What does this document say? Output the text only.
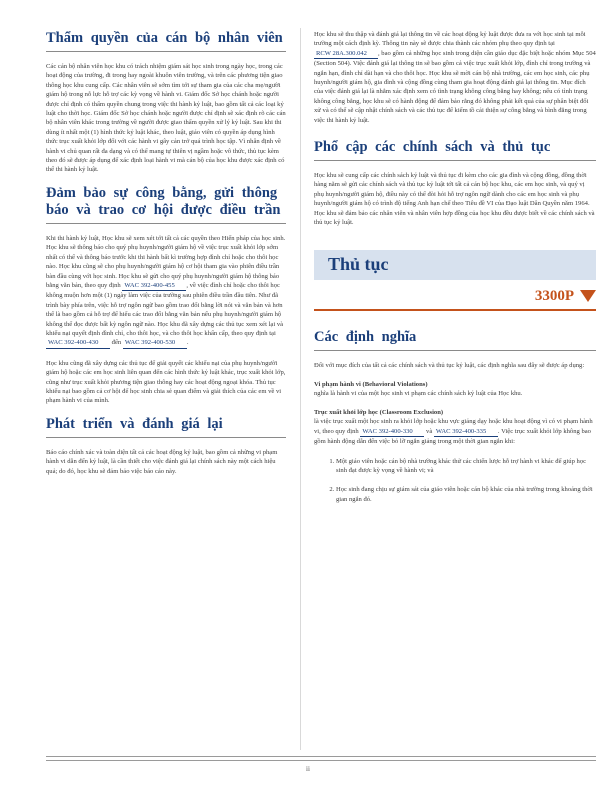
Thẩm quyền của cán bộ nhân viên

Các cán bộ nhân viên học khu có trách nhiệm giám sát học sinh trong ngày học, trong các hoạt động của trường, đi trong hay ngoài khuôn viên trường, và trên các phương tiện giao thông học khu cung cấp. Các nhân viên sẽ sớm tìm tới sự tham gia của các cha mẹ/người giám hộ trong nỗ lực hỗ trợ các kỳ vọng về hành vi. Giám đốc Sở học chánh hoặc người được chỉ định có thẩm quyền chung trong việc thi hành kỷ luật, bao gồm tất cả các loại kỷ luật cho thời học. Giám đốc Sở học chánh hoặc người được chỉ định sẽ xác định rõ các cán bộ nhân viên khác trong trường về người được giao thẩm quyền xử lý kỷ luật. Sau khi thi dùng ít nhất một (1) hình thức kỷ luật khác, theo luật, giáo viên có quyền áp dụng hình thức trục xuất khỏi lớp đối với các hành vi gây cản trở quá trình học tập. Vì nhân định về hành vi chủ quan rất đa dạng và có thể mang tự thiên vị ngầm hoặc vô thức, thủ tục kèm theo đó sẽ được áp dụng để xác định loại hành vi mà cán bộ của học khu được xác định có thể thi hành kỷ luật.

Đảm bảo sự công bằng, gửi thông báo và trao cơ hội được điều trần

Khi thi hành kỷ luật, Học khu sẽ xem xét tới tất cả các quyền theo Hiến pháp của học sinh. Học khu sẽ thông báo cho quý phụ huynh/người giám hộ về việc trục xuất khỏi lớp sớm nhất có thể và thông báo trước khi thi hành bất kì trường hợp đình chỉ hoặc cho thôi học nào. Học khu cũng sẽ cho phụ huynh/người giám hộ cơ hội tham gia vào phiên điều trần bàn đầu cùng với học sinh. Học khu sẽ gửi cho quý phụ huynh/người giám hộ thông báo bằng văn bản, theo quy định WAC 392-400-455 , về việc đình chỉ hoặc cho thôi học không muộn hơn một (1) ngày làm việc của trường sau phiên điều trần đầu tiên. Như đã trình bày phía trên, việc hỗ trợ ngôn ngữ bao gồm trao đổi bằng lời nói và văn bản và hơn thế là bao gồm cả hỗ trợ để hiểu các trao đổi bằng văn bản nếu phụ huynh/người giám hộ không thể đọc được bất kỳ ngôn ngữ nào. Học khu đã xây dựng các thủ tục xem xét lại và khiếu nại quyết định đình chỉ, cho thôi học, và cho thôi học khẩn cấp, theo quy định tại WAC 392-400-430 đến WAC 392-400-530 .

Học khu cũng đã xây dựng các thủ tục để giải quyết các khiếu nại của phụ huynh/người giám hộ hoặc các em học sinh liên quan đến các hình thức kỷ luật khác, trục xuất khỏi lớp, cũng như trục xuất khỏi phương tiện giao thông hay các hoạt động ngoại khóa. Thủ tục khiếu nại bao gồm cả cơ hội để học sinh chia sẻ quan điểm và giải thích của các em về vi phạm hành vi của mình.

Phát triển và đánh giá lại

Báo cáo chính xác và toàn diện tất cả các hoạt động kỷ luật, bao gồm cả những vi phạm hành vi dẫn đến kỷ luật, là cần thiết cho việc đánh giá lại chính sách này một cách hiệu quả; do đó, học khu sẽ đảm bảo việc báo cáo này.

Học khu sẽ thu thập và đánh giá lại thông tin về các hoạt động kỷ luật được đưa ra với học sinh tại mỗi trường một cách định kỳ. Thông tin này sẽ được chia thành các nhóm phụ theo quy định tại RCW 28A.300.042 , bao gồm cả những học sinh trong diện cần giáo dục đặc biệt hoặc nhóm Mục 504 (Section 504). Việc đánh giá lại thông tin sẽ bao gồm cả việc trục xuất khỏi lớp, đình chỉ trong trường và ngắn hạn, đình chỉ dài hạn và cho thôi học. Học khu sẽ mời cán bộ nhà trường, các em học sinh, các phụ huynh/người giám hộ, gia đình và cộng đồng cùng tham gia hoạt động đánh giá lại thông tin. Mục đích của việc đánh giá lại là nhằm xác định xem có tình trạng không công bằng hay không; nếu có tình trạng không công bằng, học khu sẽ có hành động để đảm bảo rằng đó không phải kết quả của sự phân biệt đối xử và có thể sẽ cập nhật chính sách và các thủ tục để kiểm tồ cải thiện sự công bằng và bình đẳng trong việc thi hành kỷ luật.

Phổ cập các chính sách và thủ tục

Học khu sẽ cung cấp các chính sách kỷ luật và thủ tục đi kèm cho các gia đình và cộng đồng, đồng thời hàng năm sẽ gửi các chính sách và thủ tục kỷ luật tới tất cả cán bộ học khu, các em học sinh, và quý vị phụ huynh/người giám hộ, điều này có thể đòi hỏi hỗ trợ ngôn ngữ dành cho các em học sinh và phụ huynh/người giám hộ có trình độ tiếng Anh hạn chế theo Tiêu đề VI của Đạo luật Dân Quyền năm 1964. Học khu sẽ đảm bảo các nhân viên và nhân viên hợp đồng của học khu đều được biết về các chính sách và thủ tục kỷ luật.

Thủ tục
3300P
Các định nghĩa

Đối với mục đích của tất cả các chính sách và thủ tục kỷ luật, các định nghĩa sau đây sẽ được áp dụng:

Vi phạm hành vi (Behavioral Violations)

nghĩa là hành vi của một học sinh vi phạm các chính sách kỷ luật của Học khu.

Trục xuất khỏi lớp học (Classroom Exclusion)

là việc trục xuất một học sinh ra khỏi lớp hoặc khu vực giảng dạy hoặc khu hoạt động vì có vi phạm hành vi, theo quy định WAC 392-400-330 và WAC 392-400-335 . Việc trục xuất khỏi lớp không bao gồm hành động dẫn đến việc bỏ lỡ ngắn giảng trong một thời gian ngắn khi:

1. Một giáo viên hoặc cán bộ nhà trường khác thử các chiến lược hỗ trợ hành vi khác để giúp học sinh đạt được kỳ vọng về hành vi; và
2. Học sinh đang chịu sự giám sát của giáo viên hoặc cán bộ khác của nhà trường trong khoảng thời gian ngắn đó.
ii
